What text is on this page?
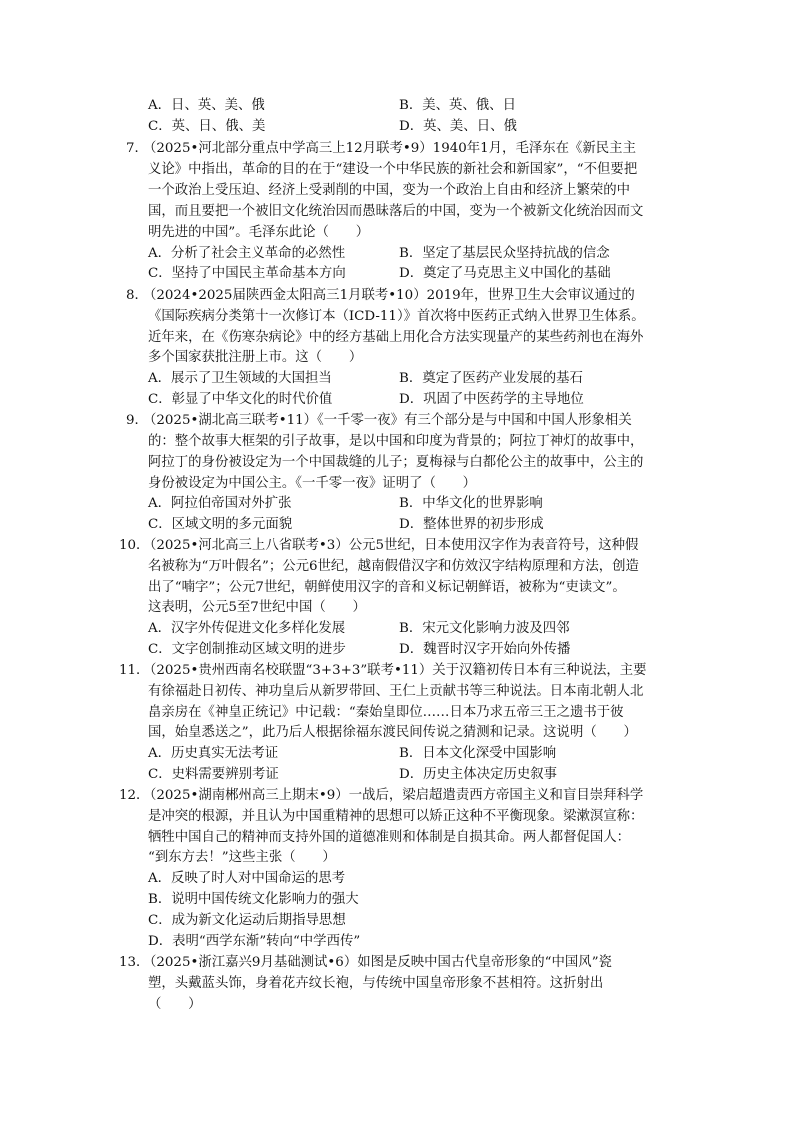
A．日、英、美、俄	B．美、英、俄、日
C．英、日、俄、美	D．英、美、日、俄
7．
（2025•河北部分重点中学高三上12月联考•9）1940年1月，毛泽东在《新民主主
义论》中指出，革命的目的在于“建设一个中华民族的新社会和新国家”，“不但要把
一个政治上受压迫、经济上受剥削的中国，变为一个政治上自由和经济上繁荣的中
国，而且要把一个被旧文化统治因而愚昧落后的中国，变为一个被新文化统治因而文
明先进的中国”。毛泽东此论（　　）
A．分析了社会主义革命的必然性	B．坚定了基层民众坚持抗战的信念
C．坚持了中国民主革命基本方向	D．奠定了马克思主义中国化的基础
8．
（2024•2025届陕西金太阳高三1月联考•10）2019年，世界卫生大会审议通过的
《国际疾病分类第十一次修订本（ICD-11）》首次将中医药正式纳入世界卫生体系。
近年来，在《伤寒杂病论》中的经方基础上用化合方法实现量产的某些药剂也在海外
多个国家获批注册上市。这（　　）
A．展示了卫生领域的大国担当	B．奠定了医药产业发展的基石
C．彰显了中华文化的时代价值	D．巩固了中医药学的主导地位
9．
（2025•湖北高三联考•11）《一千零一夜》有三个部分是与中国和中国人形象相关
的：整个故事大框架的引子故事，是以中国和印度为背景的；阿拉丁神灯的故事中，
阿拉丁的身份被设定为一个中国裁缝的儿子；夏梅禄与白都伦公主的故事中，公主的
身份被设定为中国公主。《一千零一夜》证明了（　　）
A．阿拉伯帝国对外扩张	B．中华文化的世界影响
C．区域文明的多元面貌	D．整体世界的初步形成
10．
（2025•河北高三上八省联考•3）公元5世纪，日本使用汉字作为表音符号，这种假
名被称为“万叶假名”；公元6世纪，越南假借汉字和仿效汉字结构原理和方法，创造
出了“喃字”；公元7世纪，朝鲜使用汉字的音和义标记朝鲜语，被称为“吏读文”。
这表明，公元5至7世纪中国（　　）
A．汉字外传促进文化多样化发展	B．宋元文化影响力波及四邻
C．文字创制推动区域文明的进步	D．魏晋时汉字开始向外传播
11．
（2025•贵州西南名校联盟“3+3+3”联考•11）关于汉籍初传日本有三种说法，主要
有徐福赴日初传、神功皇后从新罗带回、王仁上贡献书等三种说法。日本南北朝人北
畠亲房在《神皇正统记》中记载：“秦始皇即位……日本乃求五帝三王之遗书于彼
国，始皇悉送之”，此乃后人根据徐福东渡民间传说之猜测和记录。这说明（　　）
A．历史真实无法考证	B．日本文化深受中国影响
C．史料需要辨别考证	D．历史主体决定历史叙事
12．
（2025•湖南郴州高三上期末•9）一战后，梁启超遣责西方帝国主义和盲目崇拜科学
是冲突的根源，并且认为中国重精神的思想可以矫正这种不平衡现象。梁漱溟宣称：
牺牲中国自己的精神而支持外国的道德准则和体制是自损其命。两人都督促国人：
“到东方去！”这些主张（　　）
A．反映了时人对中国命运的思考
B．说明中国传统文化影响力的强大
C．成为新文化运动后期指导思想
D．表明“西学东渐”转向“中学西传”
13．
（2025•浙江嘉兴9月基础测试•6）如图是反映中国古代皇帝形象的“中国风”瓷
塑，头戴蓝头饰，身着花卉纹长袍，与传统中国皇帝形象不甚相符。这折射出
（　　）
